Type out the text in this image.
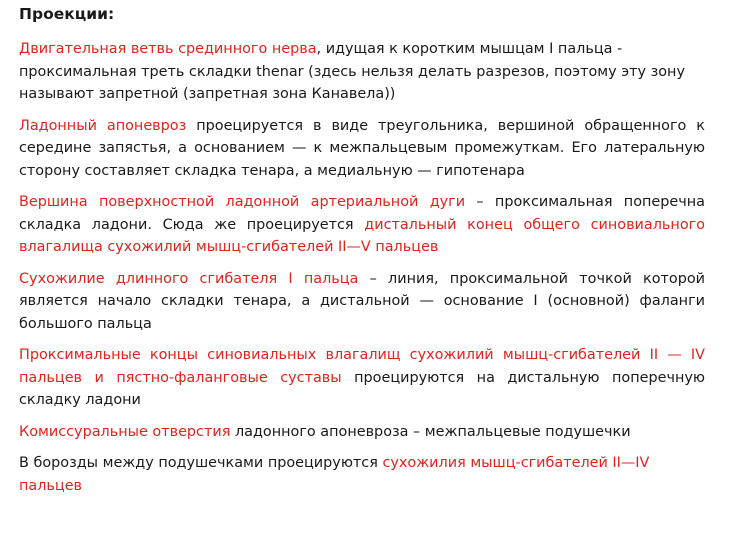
Проекции:

Двигательная ветвь срединного нерва, идущая к коротким мышцам I пальца - проксимальная треть складки thenar (здесь нельзя делать разрезов, поэтому эту зону называют запретной (запретная зона Канавела))

Ладонный апоневроз проецируется в виде треугольника, вершиной обращенного к середине запястья, а основанием — к межпальцевым промежуткам. Его латеральную сторону составляет складка тенара, а медиальную — гипотенара

Вершина поверхностной ладонной артериальной дуги – проксимальная поперечна складка ладони. Сюда же проецируется дистальный конец общего синовиального влагалища сухожилий мышц-сгибателей II—V пальцев

Сухожилие длинного сгибателя I пальца – линия, проксимальной точкой которой является начало складки тенара, а дистальной — основание I (основной) фаланги большого пальца

Проксимальные концы синовиальных влагалищ сухожилий мышц-сгибателей II — IV пальцев и пястно-фаланговые суставы проецируются на дистальную поперечную складку ладони

Комиссуральные отверстия ладонного апоневроза – межпальцевые подушечки

В борозды между подушечками проецируются сухожилия мышц-сгибателей II—IV пальцев
